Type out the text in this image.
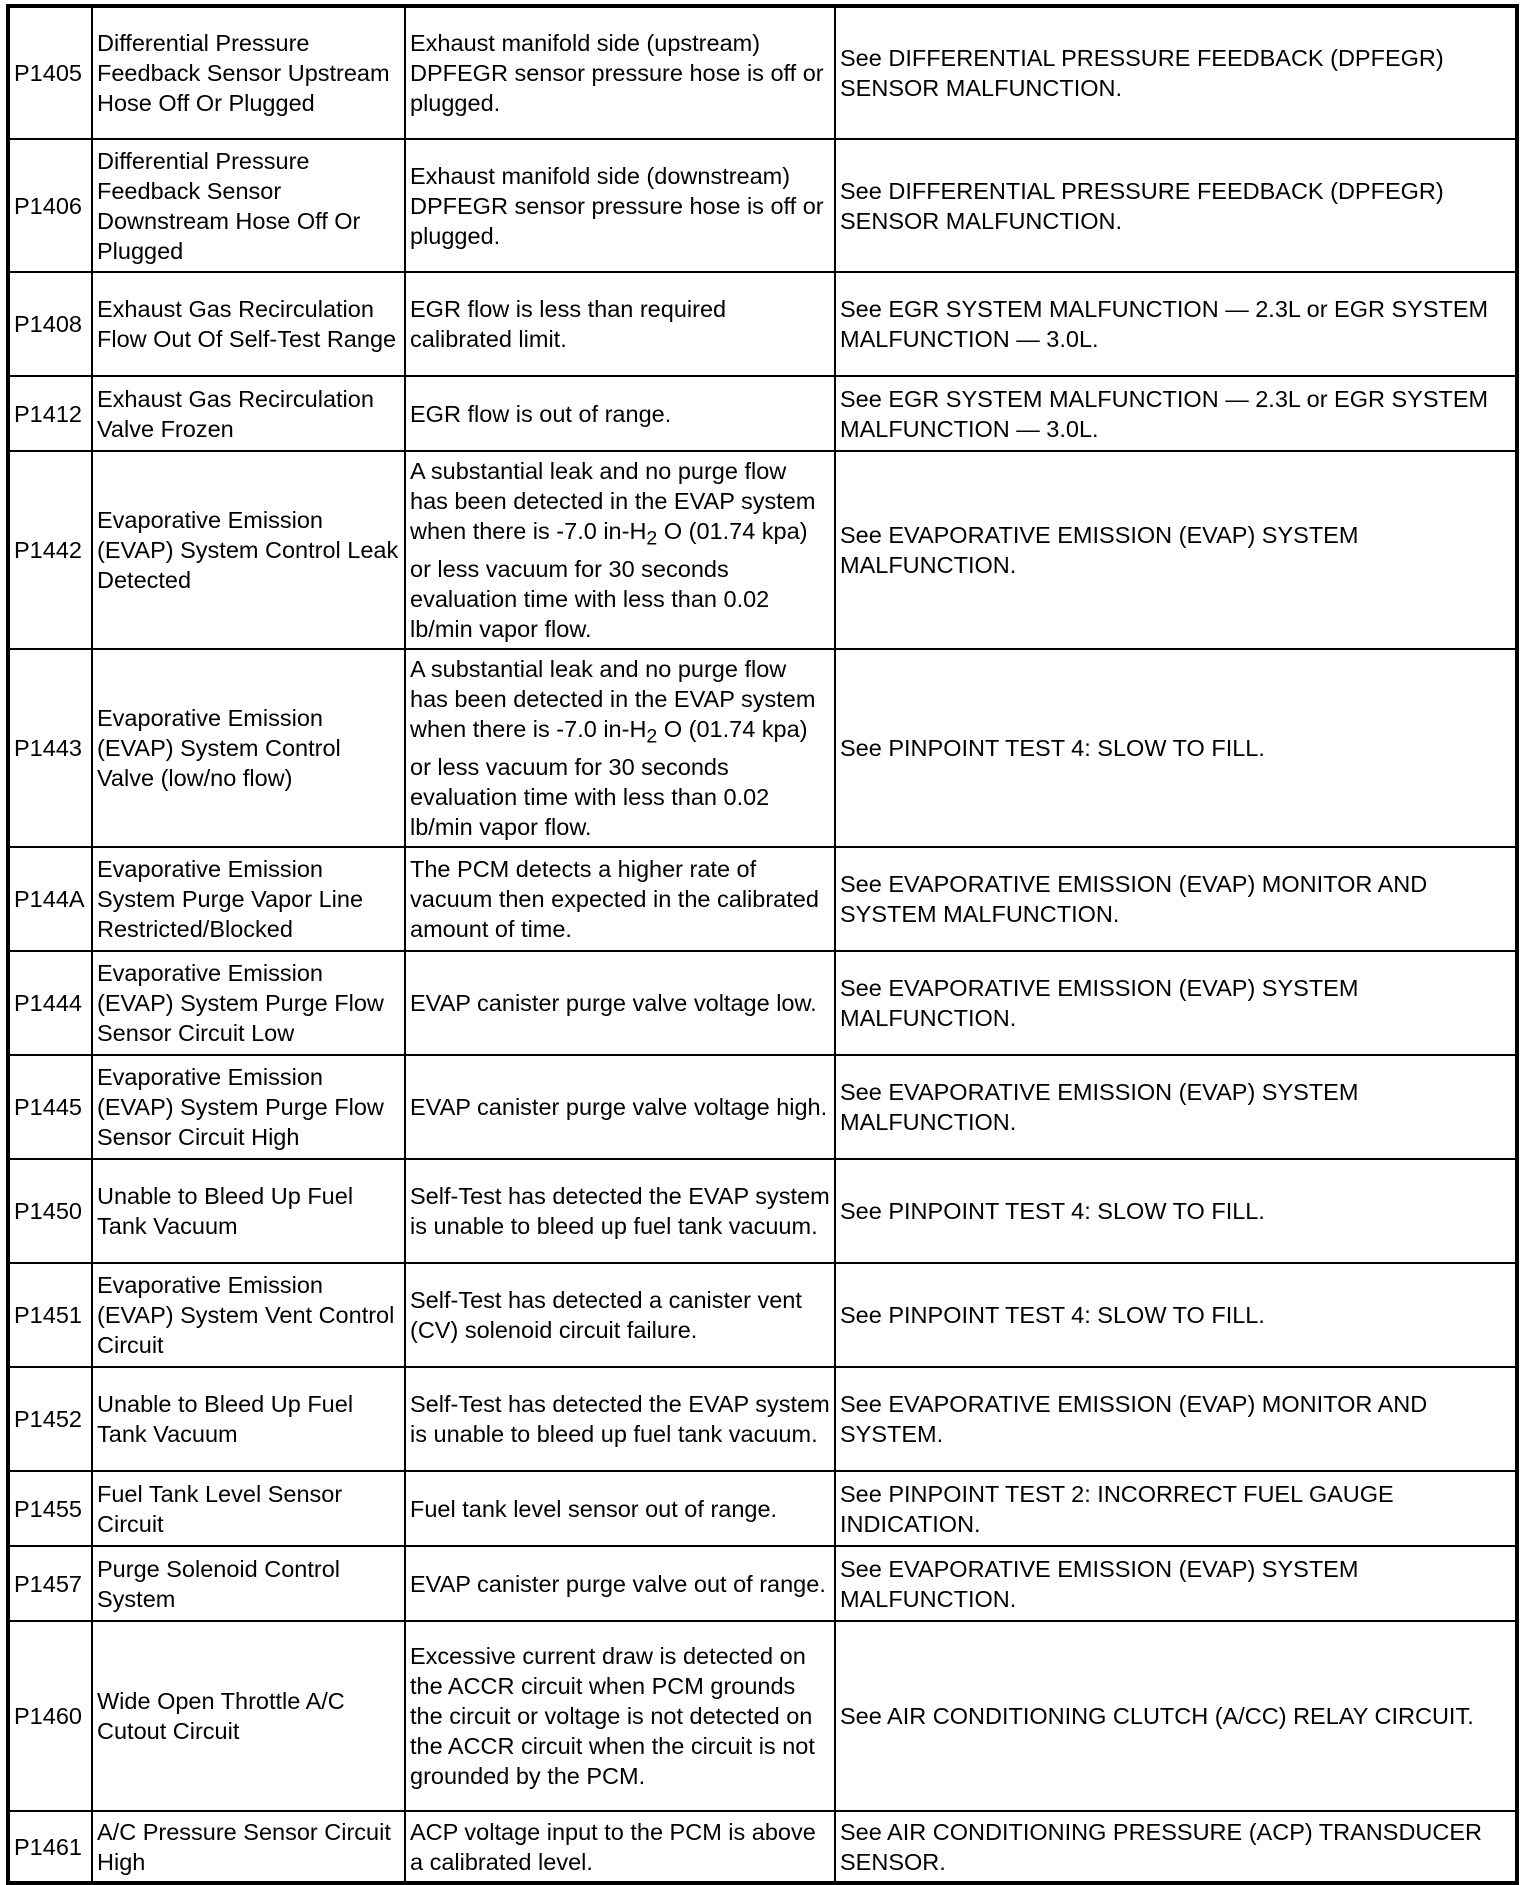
P1405	Differential Pressure Feedback Sensor Upstream Hose Off Or Plugged	Exhaust manifold side (upstream) DPFEGR sensor pressure hose is off or plugged.	See DIFFERENTIAL PRESSURE FEEDBACK (DPFEGR) SENSOR MALFUNCTION.
P1406	Differential Pressure Feedback Sensor Downstream Hose Off Or Plugged	Exhaust manifold side (downstream) DPFEGR sensor pressure hose is off or plugged.	See DIFFERENTIAL PRESSURE FEEDBACK (DPFEGR) SENSOR MALFUNCTION.
P1408	Exhaust Gas Recirculation Flow Out Of Self-Test Range	EGR flow is less than required calibrated limit.	See EGR SYSTEM MALFUNCTION — 2.3L or EGR SYSTEM MALFUNCTION — 3.0L.
P1412	Exhaust Gas Recirculation Valve Frozen	EGR flow is out of range.	See EGR SYSTEM MALFUNCTION — 2.3L or EGR SYSTEM MALFUNCTION — 3.0L.
P1442	Evaporative Emission (EVAP) System Control Leak Detected	A substantial leak and no purge flow has been detected in the EVAP system when there is -7.0 $in-H_2$ O (01.74 kpa) or less vacuum for 30 seconds evaluation time with less than 0.02 lb/min vapor flow.	See EVAPORATIVE EMISSION (EVAP) SYSTEM MALFUNCTION.
P1443	Evaporative Emission (EVAP) System Control Valve (low/no flow)	A substantial leak and no purge flow has been detected in the EVAP system when there is -7.0 $in-H_2$ O (01.74 kpa) or less vacuum for 30 seconds evaluation time with less than 0.02 lb/min vapor flow.	See PINPOINT TEST 4: SLOW TO FILL.
P144A	Evaporative Emission System Purge Vapor Line Restricted/Blocked	The PCM detects a higher rate of vacuum then expected in the calibrated amount of time.	See EVAPORATIVE EMISSION (EVAP) MONITOR AND SYSTEM MALFUNCTION.
P1444	Evaporative Emission (EVAP) System Purge Flow Sensor Circuit Low	EVAP canister purge valve voltage low.	See EVAPORATIVE EMISSION (EVAP) SYSTEM MALFUNCTION.
P1445	Evaporative Emission (EVAP) System Purge Flow Sensor Circuit High	EVAP canister purge valve voltage high.	See EVAPORATIVE EMISSION (EVAP) SYSTEM MALFUNCTION.
P1450	Unable to Bleed Up Fuel Tank Vacuum	Self-Test has detected the EVAP system is unable to bleed up fuel tank vacuum.	See PINPOINT TEST 4: SLOW TO FILL.
P1451	Evaporative Emission (EVAP) System Vent Control Circuit	Self-Test has detected a canister vent (CV) solenoid circuit failure.	See PINPOINT TEST 4: SLOW TO FILL.
P1452	Unable to Bleed Up Fuel Tank Vacuum	Self-Test has detected the EVAP system is unable to bleed up fuel tank vacuum.	See EVAPORATIVE EMISSION (EVAP) MONITOR AND SYSTEM.
P1455	Fuel Tank Level Sensor Circuit	Fuel tank level sensor out of range.	See PINPOINT TEST 2: INCORRECT FUEL GAUGE INDICATION.
P1457	Purge Solenoid Control System	EVAP canister purge valve out of range.	See EVAPORATIVE EMISSION (EVAP) SYSTEM MALFUNCTION.
P1460	Wide Open Throttle A/C Cutout Circuit	Excessive current draw is detected on the ACCR circuit when PCM grounds the circuit or voltage is not detected on the ACCR circuit when the circuit is not grounded by the PCM.	See AIR CONDITIONING CLUTCH (A/CC) RELAY CIRCUIT.
P1461	A/C Pressure Sensor Circuit High	ACP voltage input to the PCM is above a calibrated level.	See AIR CONDITIONING PRESSURE (ACP) TRANSDUCER SENSOR.
